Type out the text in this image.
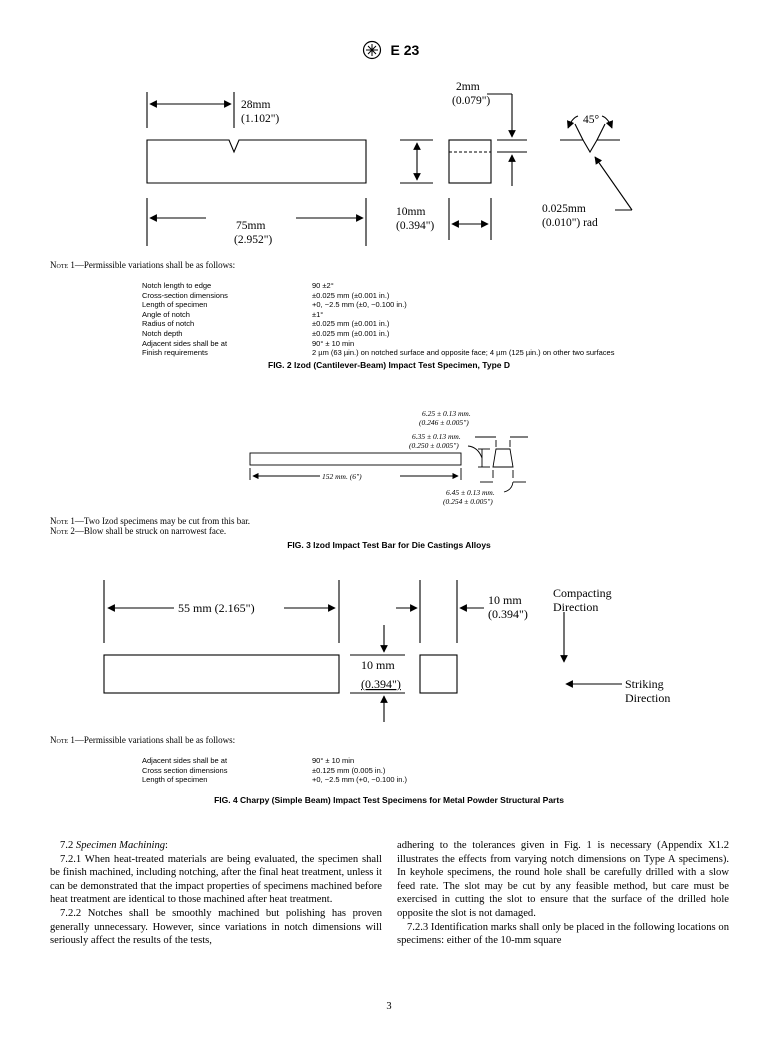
E 23
28mm
(1.102")
75mm
(2.952")
10mm
(0.394")
2mm
(0.079")
45°
0.025mm
(0.010") rad
Note 1—Permissible variations shall be as follows:
Notch length to edge	90 ±2°
Cross-section dimensions	±0.025 mm (±0.001 in.)
Length of specimen	+0, −2.5 mm (±0, −0.100 in.)
Angle of notch	±1°
Radius of notch	±0.025 mm (±0.001 in.)
Notch depth	±0.025 mm (±0.001 in.)
Adjacent sides shall be at	90° ± 10 min
Finish requirements	2 µm (63 µin.) on notched surface and opposite face; 4 µm (125 µin.) on other two surfaces
FIG. 2 Izod (Cantilever-Beam) Impact Test Specimen, Type D
6.25 ± 0.13 mm.
(0.246 ± 0.005")
6.35 ± 0.13 mm.
(0.250 ± 0.005")
152 mm. (6")
6.45 ± 0.13 mm.
(0.254 ± 0.005")
Note 1—Two Izod specimens may be cut from this bar.
Note 2—Blow shall be struck on narrowest face.
FIG. 3 Izod Impact Test Bar for Die Castings Alloys
55 mm (2.165")
10 mm
(0.394")
10 mm
(0.394")
Compacting
Direction
Striking
Direction
Note 1—Permissible variations shall be as follows:
Adjacent sides shall be at	90° ± 10 min
Cross section dimensions	±0.125 mm (0.005 in.)
Length of specimen	+0, −2.5 mm (+0, −0.100 in.)
FIG. 4 Charpy (Simple Beam) Impact Test Specimens for Metal Powder Structural Parts
7.2 Specimen Machining:

7.2.1 When heat-treated materials are being evaluated, the specimen shall be finish machined, including notching, after the final heat treatment, unless it can be demonstrated that the impact properties of specimens machined before heat treatment are identical to those machined after heat treatment.

7.2.2 Notches shall be smoothly machined but polishing has proven generally unnecessary. However, since variations in notch dimensions will seriously affect the results of the tests,

adhering to the tolerances given in Fig. 1 is necessary (Appendix X1.2 illustrates the effects from varying notch dimensions on Type A specimens). In keyhole specimens, the round hole shall be carefully drilled with a slow feed rate. The slot may be cut by any feasible method, but care must be exercised in cutting the slot to ensure that the surface of the drilled hole opposite the slot is not damaged.

7.2.3 Identification marks shall only be placed in the following locations on specimens: either of the 10-mm square

3
